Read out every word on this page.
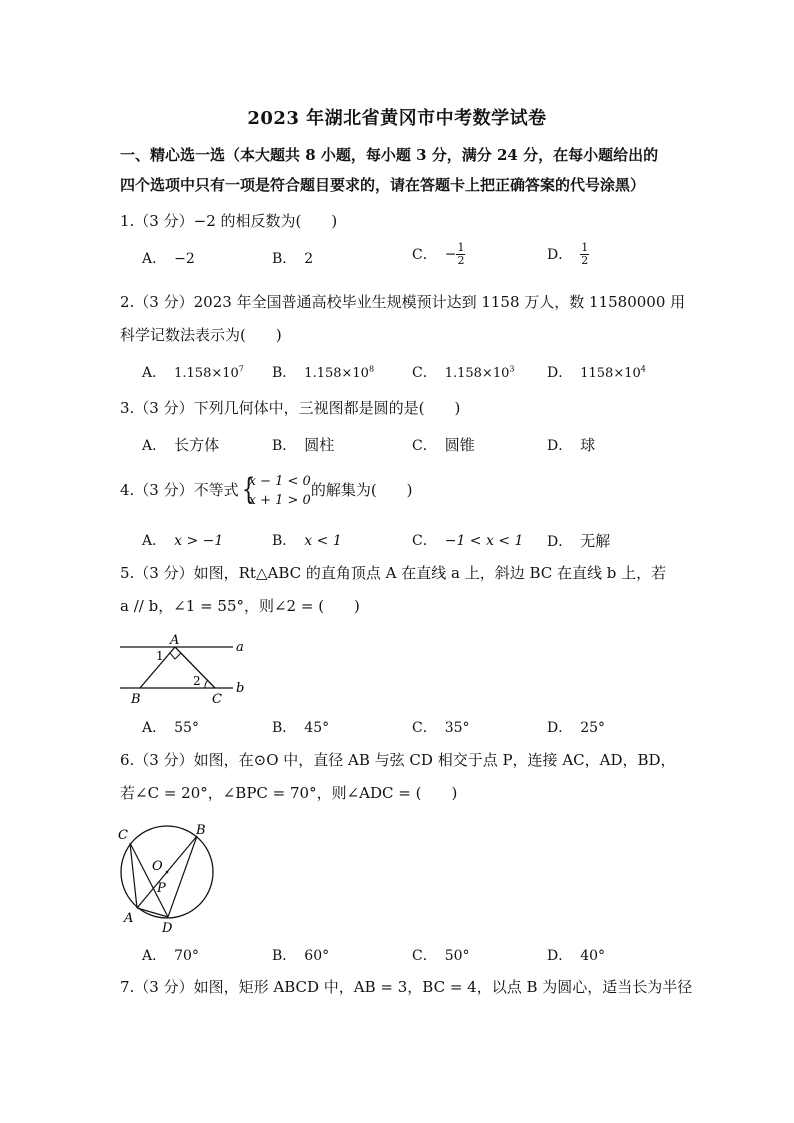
2023 年湖北省黄冈市中考数学试卷
一、精心选一选（本大题共 8 小题，每小题 3 分，满分 24 分，在每小题给出的
四个选项中只有一项是符合题目要求的，请在答题卡上把正确答案的代号涂黑）
1.（3 分）−2 的相反数为(　　)
A． −2	B． 2	C． − $\frac{1}{2}$	D． $\frac{1}{2}$
2.（3 分）2023 年全国普通高校毕业生规模预计达到 1158 万人，数 11580000 用
科学记数法表示为(　　)
A． $1.158\times 10^7$ B． $1.158\times 10^8$	C． $1.158\times 10^3$ D． $1158\times 10^4$
3.（3 分）下列几何体中，三视图都是圆的是(　　)
A． 长方体	B． 圆柱	C． 圆锥	D． 球
4.（3 分）不等式 {
x − 1 < 0
x + 1 > 0
的解集为(　　)
A． x > −1	B． x < 1	C． −1 < x < 1 D． 无解
5.（3 分）如图，Rt△ABC 的直角顶点 A 在直线 a 上，斜边 BC 在直线 b 上，若
a // b，∠1 = 55°，则∠2 = (　　)
A
1
2
a
b
B	C
A． 55°	B． 45°	C． 35°	D． 25°
6.（3 分）如图，在⊙O 中，直径 AB 与弦 CD 相交于点 P，连接 AC，AD，BD，
若∠C = 20°，∠BPC = 70°，则∠ADC = (　　)
C	B
O
P
A
D
A． 70°	B． 60°	C． 50°	D． 40°
7.（3 分）如图，矩形 ABCD 中，AB = 3，BC = 4，以点 B 为圆心，适当长为半径
